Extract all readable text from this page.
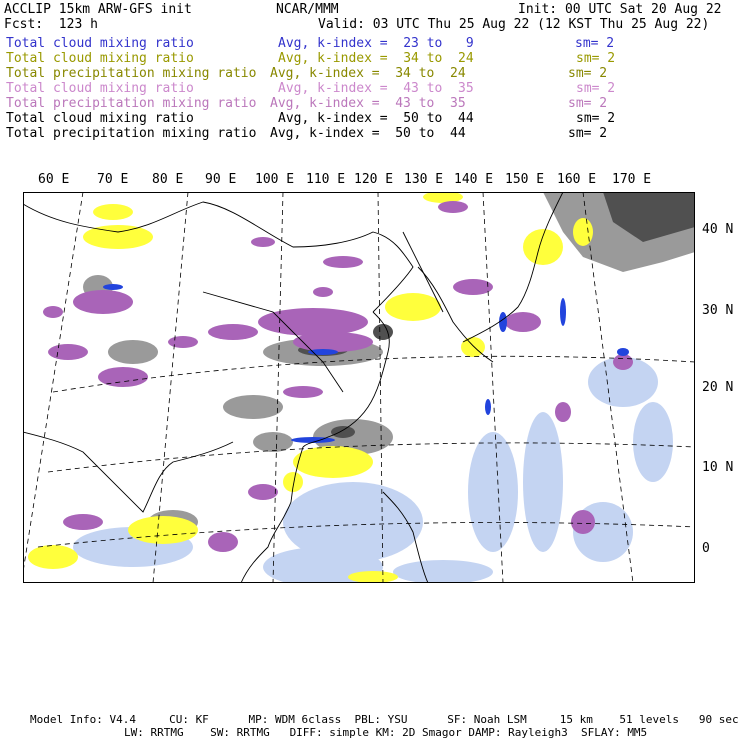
ACCLIP 15km ARW-GFS init	NCAR/MMM	Init: 00 UTC Sat 20 Aug 22
Fcst:  123 h	Valid: 03 UTC Thu 25 Aug 22 (12 KST Thu 25 Aug 22)
Total cloud mixing ratio	Avg, k-index =  23 to   9	sm= 2
Total cloud mixing ratio	Avg, k-index =  34 to  24	sm= 2
Total precipitation mixing ratio Avg, k-index =  34 to  24	sm= 2
Total cloud mixing ratio	Avg, k-index =  43 to  35	sm= 2
Total precipitation mixing ratio Avg, k-index =  43 to  35	sm= 2
Total cloud mixing ratio	Avg, k-index =  50 to  44	sm= 2
Total precipitation mixing ratio Avg, k-index =  50 to  44	sm= 2
60 E 70 E 80 E 90 E 100 E 110 E 120 E 130 E 140 E 150 E 160 E 170 E
40 N
30 N
20 N
10 N
0
Model Info: V4.4     CU: KF      MP: WDM 6class  PBL: YSU      SF: Noah LSM     15 km    51 levels   90 sec
LW: RRTMG    SW: RRTMG   DIFF: simple KM: 2D Smagor DAMP: Rayleigh3  SFLAY: MM5
